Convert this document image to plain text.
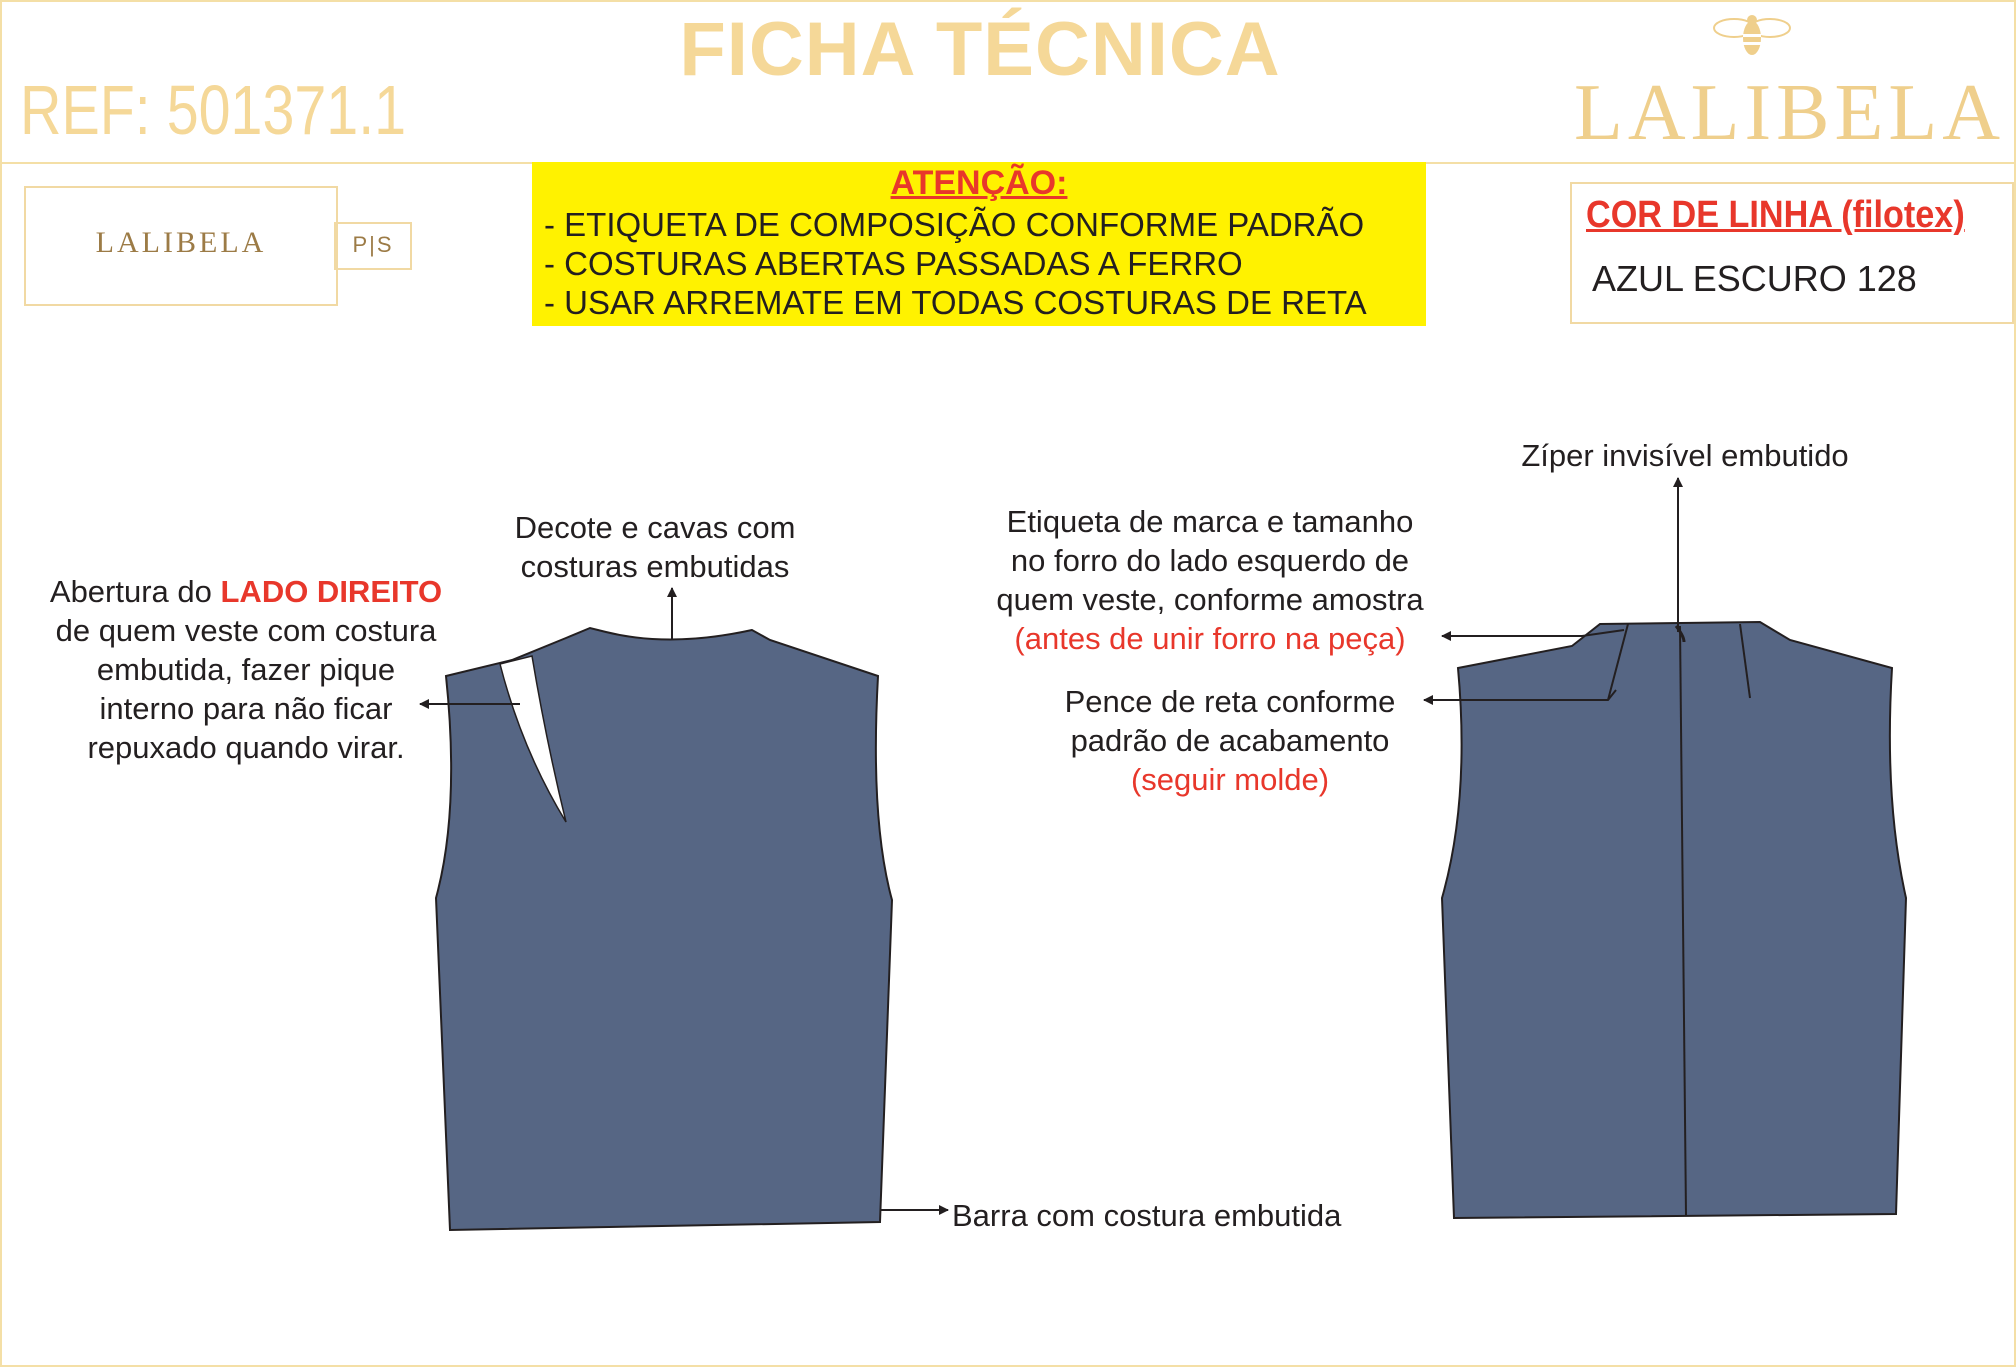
FICHA TÉCNICA
REF: 501371.1	LALIBELA
LALIBELA	P|S
ATENÇÃO:
- ETIQUETA DE COMPOSIÇÃO CONFORME PADRÃO
- COSTURAS ABERTAS PASSADAS A FERRO
- USAR ARREMATE EM TODAS COSTURAS DE RETA
COR DE LINHA (filotex)
AZUL ESCURO 128
Abertura do LADO DIREITO
de quem veste com costura
embutida, fazer pique
interno para não ficar
repuxado quando virar.
Decote e cavas com
costuras embutidas
Barra com costura embutida
Zíper invisível embutido
Etiqueta de marca e tamanho
no forro do lado esquerdo de
quem veste, conforme amostra
(antes de unir forro na peça)
Pence de reta conforme
padrão de acabamento
(seguir molde)
